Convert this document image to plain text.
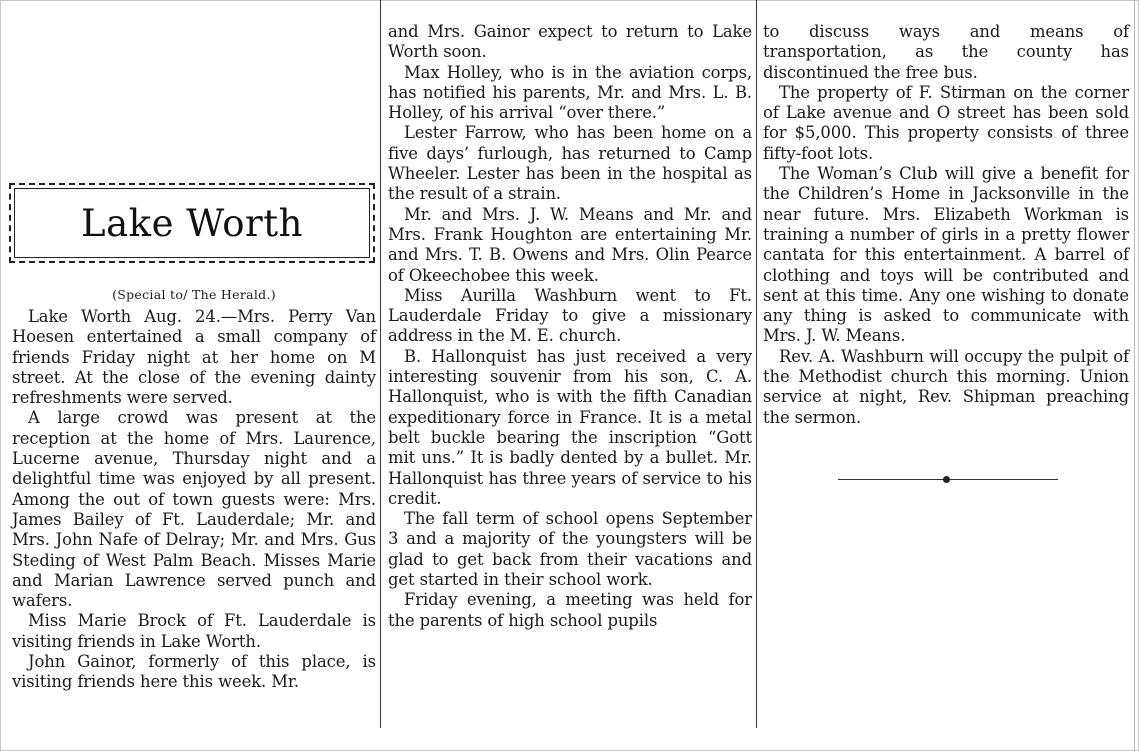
Lake Worth
(Special to/ The Herald.)

Lake Worth Aug. 24.—Mrs. Perry Van Hoesen entertained a small company of friends Friday night at her home on M street. At the close of the evening dainty refreshments were served.

A large crowd was present at the reception at the home of Mrs. Laurence, Lucerne avenue, Thursday night and a delightful time was enjoyed by all present. Among the out of town guests were: Mrs. James Bailey of Ft. Lauderdale; Mr. and Mrs. John Nafe of Delray; Mr. and Mrs. Gus Steding of West Palm Beach. Misses Marie and Marian Lawrence served punch and wafers.

Miss Marie Brock of Ft. Lauderdale is visiting friends in Lake Worth.

John Gainor, formerly of this place, is visiting friends here this week. Mr.

and Mrs. Gainor expect to return to Lake Worth soon.

Max Holley, who is in the aviation corps, has notified his parents, Mr. and Mrs. L. B. Holley, of his arrival “over there.”

Lester Farrow, who has been home on a five days’ furlough, has returned to Camp Wheeler. Lester has been in the hospital as the result of a strain.

Mr. and Mrs. J. W. Means and Mr. and Mrs. Frank Houghton are entertaining Mr. and Mrs. T. B. Owens and Mrs. Olin Pearce of Okeechobee this week.

Miss Aurilla Washburn went to Ft. Lauderdale Friday to give a missionary address in the M. E. church.

B. Hallonquist has just received a very interesting souvenir from his son, C. A. Hallonquist, who is with the fifth Canadian expeditionary force in France. It is a metal belt buckle bearing the inscription “Gott mit uns.” It is badly dented by a bullet. Mr. Hallonquist has three years of service to his credit.

The fall term of school opens September 3 and a majority of the youngsters will be glad to get back from their vacations and get started in their school work.

Friday evening, a meeting was held for the parents of high school pupils

to discuss ways and means of transportation, as the county has discontinued the free bus.

The property of F. Stirman on the corner of Lake avenue and O street has been sold for $5,000. This property consists of three fifty-foot lots.

The Woman’s Club will give a benefit for the Children’s Home in Jacksonville in the near future. Mrs. Elizabeth Workman is training a number of girls in a pretty flower cantata for this entertainment. A barrel of clothing and toys will be contributed and sent at this time. Any one wishing to donate any thing is asked to communicate with Mrs. J. W. Means.

Rev. A. Washburn will occupy the pulpit of the Methodist church this morning. Union service at night, Rev. Shipman preaching the sermon.
